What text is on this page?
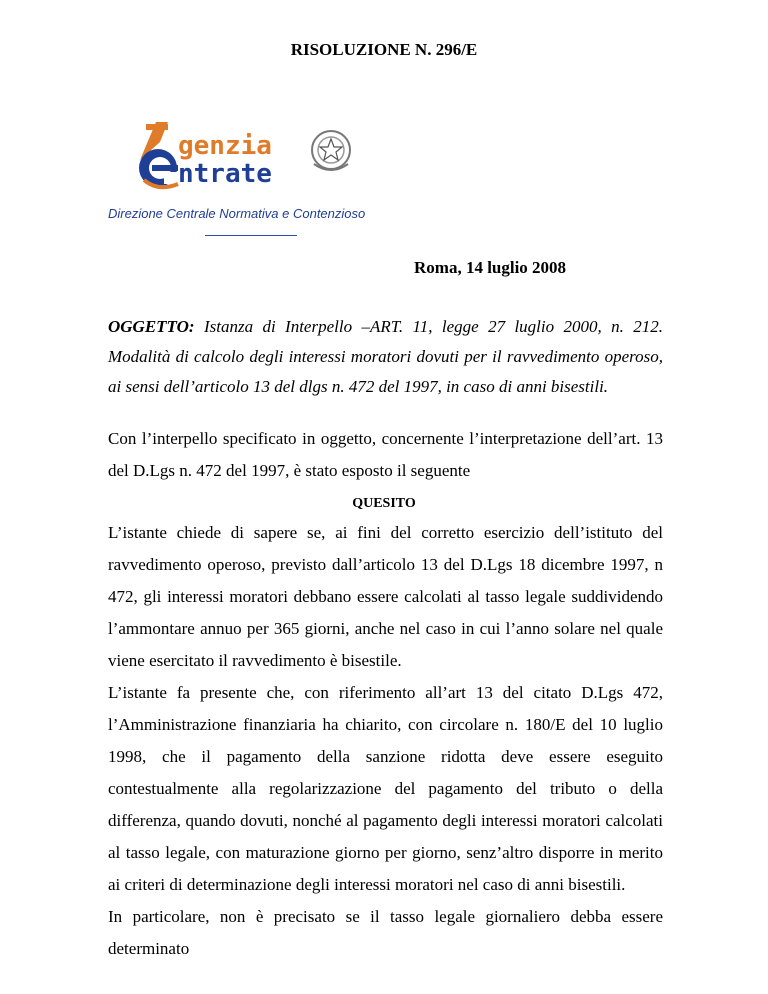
RISOLUZIONE N. 296/E
genzia
ntrate
Direzione Centrale Normativa e Contenzioso
Roma, 14 luglio 2008
OGGETTO: Istanza di Interpello –ART. 11, legge 27 luglio 2000, n. 212. Modalità di calcolo degli interessi moratori dovuti per il ravvedimento operoso, ai sensi dell’articolo 13 del dlgs n. 472 del 1997, in caso di anni bisestili.
Con l’interpello specificato in oggetto, concernente l’interpretazione dell’art. 13 del D.Lgs n. 472 del 1997, è stato esposto il seguente
QUESITO

L’istante chiede di sapere se, ai fini del corretto esercizio dell’istituto del ravvedimento operoso, previsto dall’articolo 13 del D.Lgs 18 dicembre 1997, n 472, gli interessi moratori debbano essere calcolati al tasso legale suddividendo l’ammontare annuo per 365 giorni, anche nel caso in cui l’anno solare nel quale viene esercitato il ravvedimento è bisestile.

L’istante fa presente che, con riferimento all’art 13 del citato D.Lgs 472, l’Amministrazione finanziaria ha chiarito, con circolare n. 180/E del 10 luglio 1998, che il pagamento della sanzione ridotta deve essere eseguito contestualmente alla regolarizzazione del pagamento del tributo o della differenza, quando dovuti, nonché al pagamento degli interessi moratori calcolati al tasso legale, con maturazione giorno per giorno, senz’altro disporre in merito ai criteri di determinazione degli interessi moratori nel caso di anni bisestili.

In particolare, non è precisato se il tasso legale giornaliero debba essere determinato
